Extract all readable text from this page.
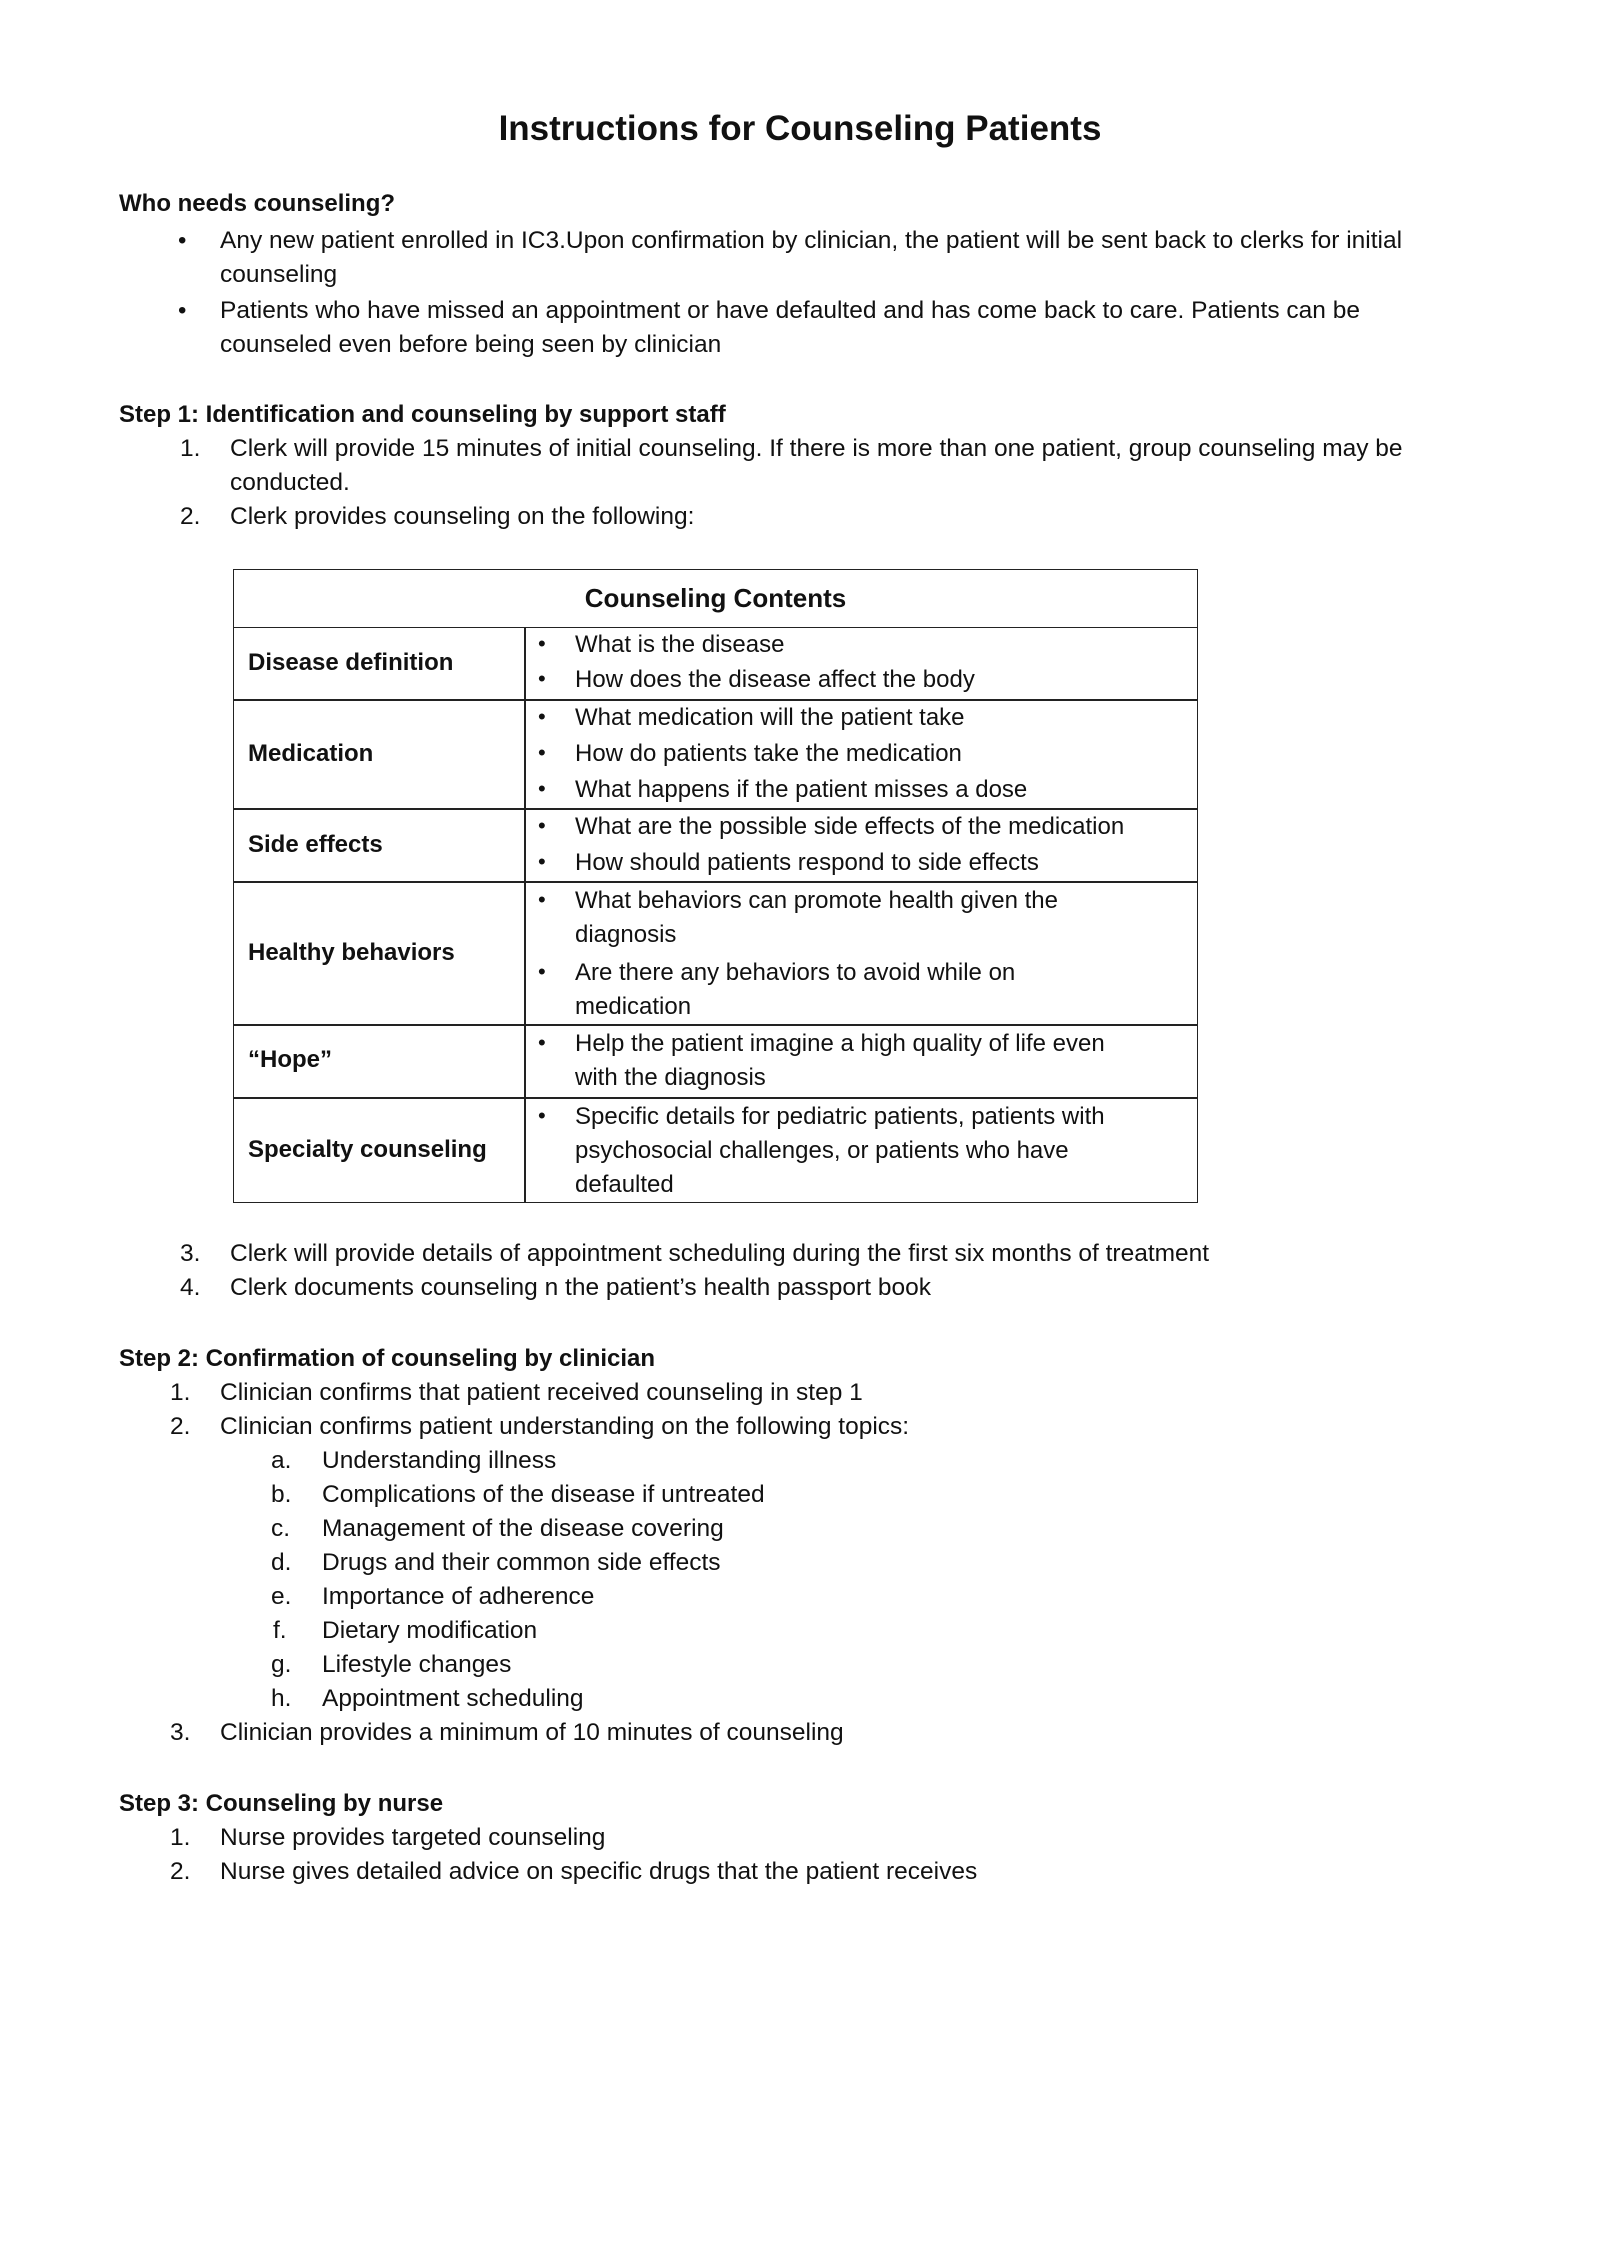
Instructions for Counseling Patients
Who needs counseling?
• Any new patient enrolled in IC3.Upon confirmation by clinician, the patient will be sent back to clerks for initial
counseling
• Patients who have missed an appointment or have defaulted and has come back to care. Patients can be
counseled even before being seen by clinician
Step 1: Identification and counseling by support staff
1. Clerk will provide 15 minutes of initial counseling. If there is more than one patient, group counseling may be
conducted.
2. Clerk provides counseling on the following:
Counseling Contents
Disease definition
• What is the disease
• How does the disease affect the body
Medication
• What medication will the patient take
• How do patients take the medication
• What happens if the patient misses a dose
Side effects
• What are the possible side effects of the medication
• How should patients respond to side effects
Healthy behaviors
• What behaviors can promote health given the
diagnosis
• Are there any behaviors to avoid while on
medication
“Hope”
• Help the patient imagine a high quality of life even
with the diagnosis
Specialty counseling
• Specific details for pediatric patients, patients with
psychosocial challenges, or patients who have
defaulted
3. Clerk will provide details of appointment scheduling during the first six months of treatment
4. Clerk documents counseling n the patient’s health passport book
Step 2: Confirmation of counseling by clinician
1. Clinician confirms that patient received counseling in step 1
2. Clinician confirms patient understanding on the following topics:
a. Understanding illness
b. Complications of the disease if untreated
c. Management of the disease covering
d. Drugs and their common side effects
e. Importance of adherence
f. Dietary modification
g. Lifestyle changes
h. Appointment scheduling
3. Clinician provides a minimum of 10 minutes of counseling
Step 3: Counseling by nurse
1. Nurse provides targeted counseling
2. Nurse gives detailed advice on specific drugs that the patient receives
